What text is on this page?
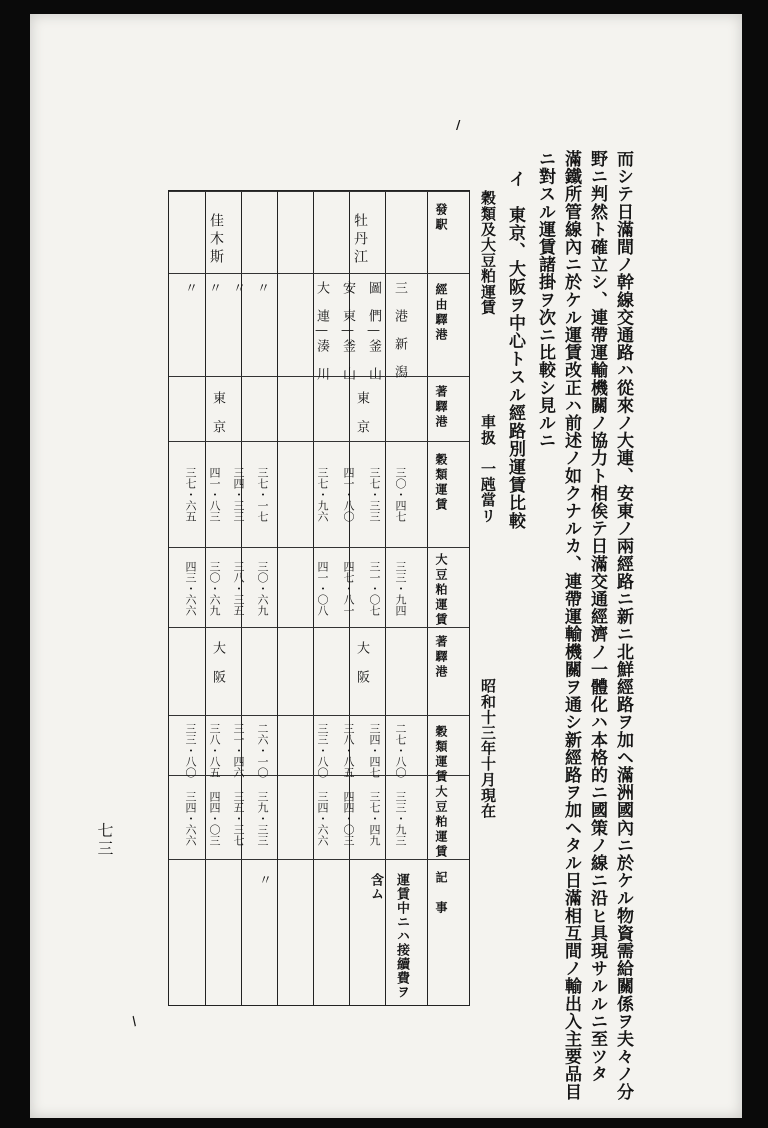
而シテ日滿間ノ幹線交通路ハ從來ノ大連、安東ノ兩經路ニ新ニ北鮮經路ヲ加ヘ滿洲國內ニ於ケル物資需給關係ヲ夫々ノ分
野ニ判然ト確立シ、連帶運輸機關ノ協力ト相俟テ日滿交通經濟ノ一體化ハ本格的ニ國策ノ線ニ沿ヒ具現サルルニ至ツタ
滿鐵所管線內ニ於ケル運賃改正ハ前述ノ如クナルカ、連帶運輸機關ヲ通シ新經路ヲ加ヘタル日滿相互間ノ輸出入主要品目
ニ對スル運賃諸掛ヲ次ニ比較シ見ルニ
イ　東京、大阪ヲ中心トスル經路別運賃比較
穀類及大豆粕運賃
車扱　一瓲當リ
昭和十三年十月現在
發駅
經由驛港
著驛港
穀類運賃
大豆粕運賃
著驛港
穀類運賃
大豆粕運賃
記　事
牡丹江
三　港　新　潟
圖　們—釜　山
安　東—釜　山
大　連—湊　川
東京
大阪
三〇・四七
三七・三三
四一・八〇
三七・九六
三三・九四
三一・〇七
四七・八一
四一・〇八
二七・八〇
三四・四七
三八・八五
三三・八〇
三三・九三
三七・四九
四四・〇三
三四・六六
佳木斯
〃
〃
〃
〃
東京
大阪
三七・一七
三四・三三
四一・八三
三七・六五
三〇・六九
三八・三五
三〇・六九
四三・六六
二六・一〇
三一・四六
三八・八五
三三・八〇
三九・三三
三五・三七
四四・〇三
三四・六六
運賃中ニハ接續費ヲ
含ム
〃
七三
/
/
